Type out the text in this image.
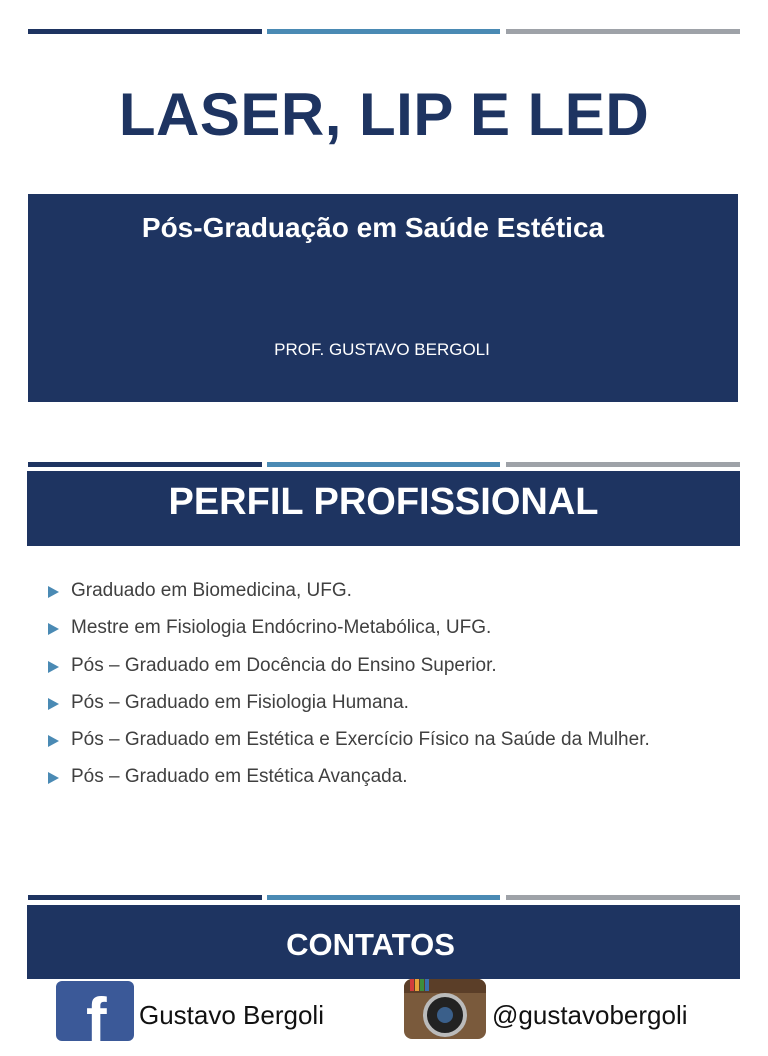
LASER, LIP E LED
Pós-Graduação em Saúde Estética
PROF. GUSTAVO BERGOLI
PERFIL PROFISSIONAL
Graduado em Biomedicina, UFG.
Mestre em Fisiologia Endócrino-Metabólica, UFG.
Pós – Graduado em Docência do Ensino Superior.
Pós – Graduado em Fisiologia Humana.
Pós – Graduado em Estética e Exercício Físico na Saúde da Mulher.
Pós – Graduado em Estética Avançada.
CONTATOS
f Gustavo Bergoli	@gustavobergoli
